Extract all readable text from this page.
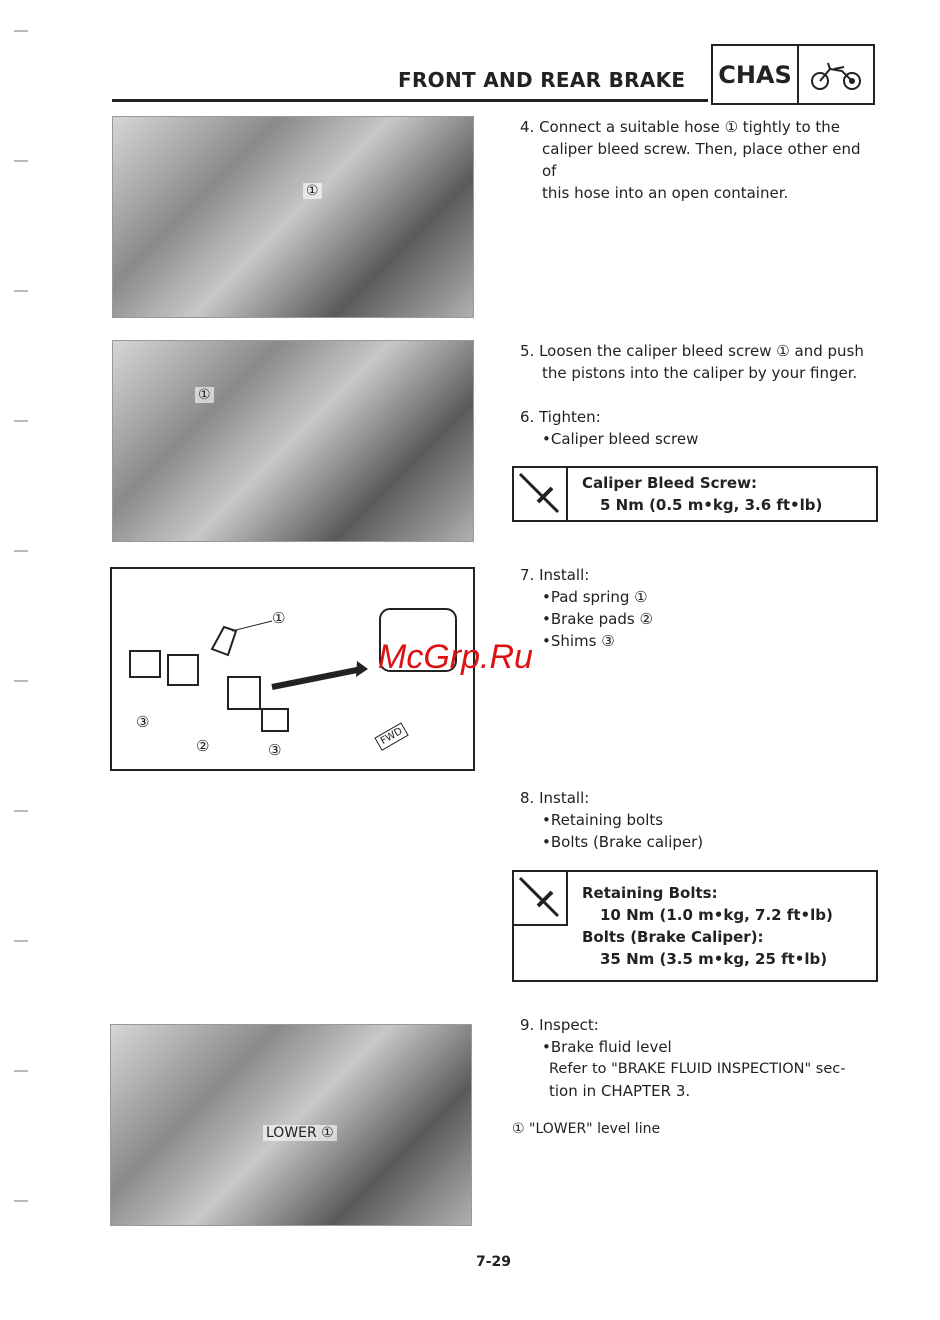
FRONT AND REAR BRAKE CHAS
①
①
①
②
③
③
FWD
LOWER ①
4. Connect a suitable hose ① tightly to the
caliper bleed screw. Then, place other end of
this hose into an open container.
5. Loosen the caliper bleed screw ① and push
the pistons into the caliper by your finger.
6. Tighten:
•Caliper bleed screw
Caliper Bleed Screw:
5 Nm (0.5 m•kg, 3.6 ft•lb)
7. Install:
•Pad spring ①
•Brake pads ②
•Shims ③
8. Install:
•Retaining bolts
•Bolts (Brake caliper)
Retaining Bolts:
10 Nm (1.0 m•kg, 7.2 ft•lb)
Bolts (Brake Caliper):
35 Nm (3.5 m•kg, 25 ft•lb)
9. Inspect:
•Brake fluid level
Refer to "BRAKE FLUID INSPECTION" sec-
tion in CHAPTER 3.
① "LOWER" level line
McGrp.Ru
7-29
